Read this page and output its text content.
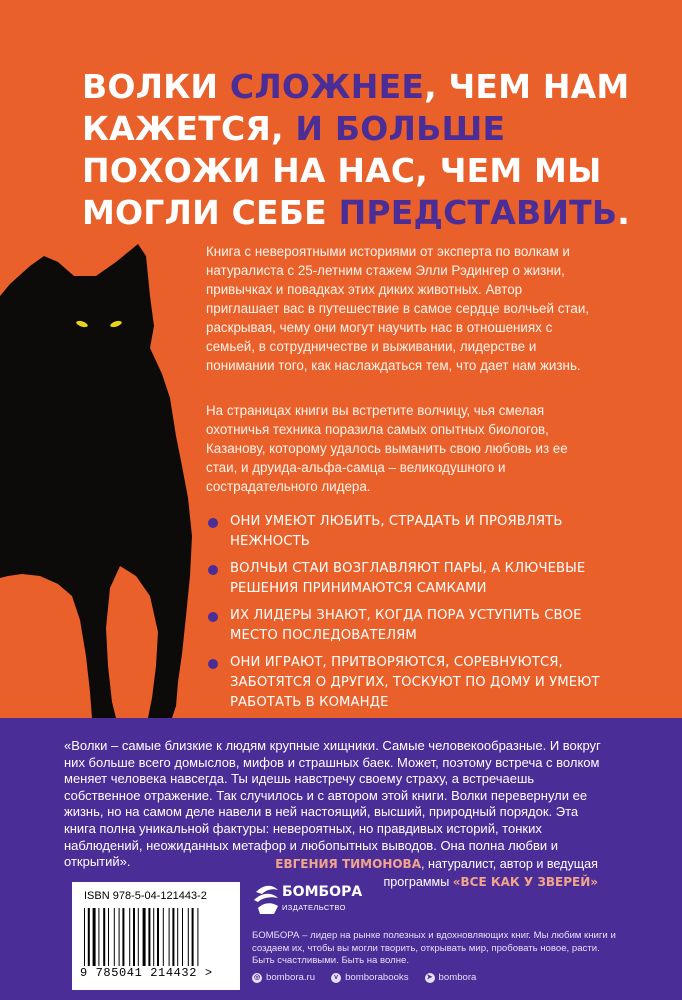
ВОЛКИ СЛОЖНЕЕ, ЧЕМ НАМ КАЖЕТСЯ, И БОЛЬШЕ ПОХОЖИ НА НАС, ЧЕМ МЫ МОГЛИ СЕБЕ ПРЕДСТАВИТЬ.

Книга с невероятными историями от эксперта по волкам и натуралиста с 25-летним стажем Элли Рэдингер о жизни, привычках и повадках этих диких животных. Автор приглашает вас в путешествие в самое сердце волчьей стаи, раскрывая, чему они могут научить нас в отношениях с семьей, в сотрудничестве и выживании, лидерстве и понимании того, как наслаждаться тем, что дает нам жизнь.

На страницах книги вы встретите волчицу, чья смелая охотничья техника поразила самых опытных биологов, Казанову, которому удалось выманить свою любовь из ее стаи, и друида-альфа-самца – великодушного и сострадательного лидера.

ОНИ УМЕЮТ ЛЮБИТЬ, СТРАДАТЬ И ПРОЯВЛЯТЬ НЕЖНОСТЬ
ВОЛЧЬИ СТАИ ВОЗГЛАВЛЯЮТ ПАРЫ, А КЛЮЧЕВЫЕ РЕШЕНИЯ ПРИНИМАЮТСЯ САМКАМИ
ИХ ЛИДЕРЫ ЗНАЮТ, КОГДА ПОРА УСТУПИТЬ СВОЕ МЕСТО ПОСЛЕДОВАТЕЛЯМ
ОНИ ИГРАЮТ, ПРИТВОРЯЮТСЯ, СОРЕВНУЮТСЯ, ЗАБОТЯТСЯ О ДРУГИХ, ТОСКУЮТ ПО ДОМУ И УМЕЮТ РАБОТАТЬ В КОМАНДЕ

«Волки – самые близкие к людям крупные хищники. Самые человекообразные. И вокруг них больше всего домыслов, мифов и страшных баек. Может, поэтому встреча с волком меняет человека навсегда. Ты идешь навстречу своему страху, а встречаешь собственное отражение. Так случилось и с автором этой книги. Волки перевернули ее жизнь, но на самом деле навели в ней настоящий, высший, природный порядок. Эта книга полна уникальной фактуры: невероятных, но правдивых историй, тонких наблюдений, неожиданных метафор и любопытных выводов. Она полна любви и открытий».	ЕВГЕНИЯ ТИМОНОВА, натуралист, автор и ведущая
программы «ВСЕ КАК У ЗВЕРЕЙ»
ISBN 978-5-04-121443-2
9 785041 214432 >
БОМБОРА
ИЗДАТЕЛЬСТВО

БОМБОРА – лидер на рынке полезных и вдохновляющих книг. Мы любим книги и создаем их, чтобы вы могли творить, открывать мир, пробовать новое, расти. Быть счастливыми. Быть на волне.

◎ bombora.ru	v bomborabooks	➤ bombora
